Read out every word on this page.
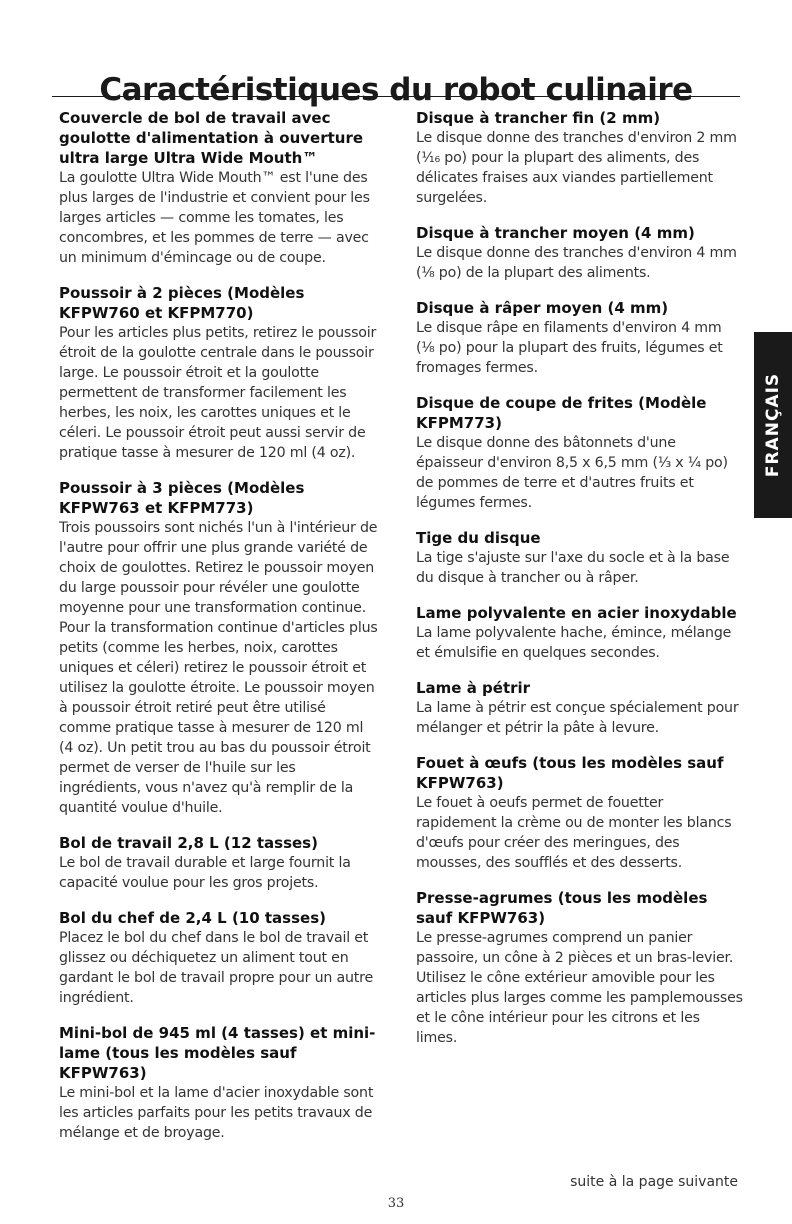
Caractéristiques du robot culinaire
Couvercle de bol de travail avec goulotte d'alimentation à ouverture ultra large Ultra Wide Mouth™
La goulotte Ultra Wide Mouth™ est l'une des plus larges de l'industrie et convient pour les larges articles — comme les tomates, les concombres, et les pommes de terre — avec un minimum d'émincage ou de coupe.
Poussoir à 2 pièces (Modèles KFPW760 et KFPM770)
Pour les articles plus petits, retirez le poussoir étroit de la goulotte centrale dans le poussoir large. Le poussoir étroit et la goulotte permettent de transformer facilement les herbes, les noix, les carottes uniques et le céleri. Le poussoir étroit peut aussi servir de pratique tasse à mesurer de 120 ml (4 oz).
Poussoir à 3 pièces (Modèles KFPW763 et KFPM773)
Trois poussoirs sont nichés l'un à l'intérieur de l'autre pour offrir une plus grande variété de choix de goulottes. Retirez le poussoir moyen du large poussoir pour révéler une goulotte moyenne pour une transformation continue. Pour la transformation continue d'articles plus petits (comme les herbes, noix, carottes uniques et céleri) retirez le poussoir étroit et utilisez la goulotte étroite. Le poussoir moyen à poussoir étroit retiré peut être utilisé comme pratique tasse à mesurer de 120 ml (4 oz). Un petit trou au bas du poussoir étroit permet de verser de l'huile sur les ingrédients, vous n'avez qu'à remplir de la quantité voulue d'huile.
Bol de travail 2,8 L (12 tasses)
Le bol de travail durable et large fournit la capacité voulue pour les gros projets.
Bol du chef de 2,4 L (10 tasses)
Placez le bol du chef dans le bol de travail et glissez ou déchiquetez un aliment tout en gardant le bol de travail propre pour un autre ingrédient.
Mini-bol de 945 ml (4 tasses) et mini-lame (tous les modèles sauf KFPW763)
Le mini-bol et la lame d'acier inoxydable sont les articles parfaits pour les petits travaux de mélange et de broyage.
Disque à trancher fin (2 mm)
Le disque donne des tranches d'environ 2 mm (¹⁄₁₆ po) pour la plupart des aliments, des délicates fraises aux viandes partiellement surgelées.
Disque à trancher moyen (4 mm)
Le disque donne des tranches d'environ 4 mm (¹⁄₈ po) de la plupart des aliments.
Disque à râper moyen (4 mm)
Le disque râpe en filaments d'environ 4 mm (¹⁄₈ po) pour la plupart des fruits, légumes et fromages fermes.
Disque de coupe de frites (Modèle KFPM773)
Le disque donne des bâtonnets d'une épaisseur d'environ 8,5 x 6,5 mm (¹⁄₃ x ¹⁄₄ po) de pommes de terre et d'autres fruits et légumes fermes.
Tige du disque
La tige s'ajuste sur l'axe du socle et à la base du disque à trancher ou à râper.
Lame polyvalente en acier inoxydable
La lame polyvalente hache, émince, mélange et émulsifie en quelques secondes.
Lame à pétrir
La lame à pétrir est conçue spécialement pour mélanger et pétrir la pâte à levure.
Fouet à œufs (tous les modèles sauf KFPW763)
Le fouet à oeufs permet de fouetter rapidement la crème ou de monter les blancs d'œufs pour créer des meringues, des mousses, des soufflés et des desserts.
Presse-agrumes (tous les modèles sauf KFPW763)
Le presse-agrumes comprend un panier passoire, un cône à 2 pièces et un bras-levier. Utilisez le cône extérieur amovible pour les articles plus larges comme les pamplemousses et le cône intérieur pour les citrons et les limes.
FRANÇAIS
suite à la page suivante
33
